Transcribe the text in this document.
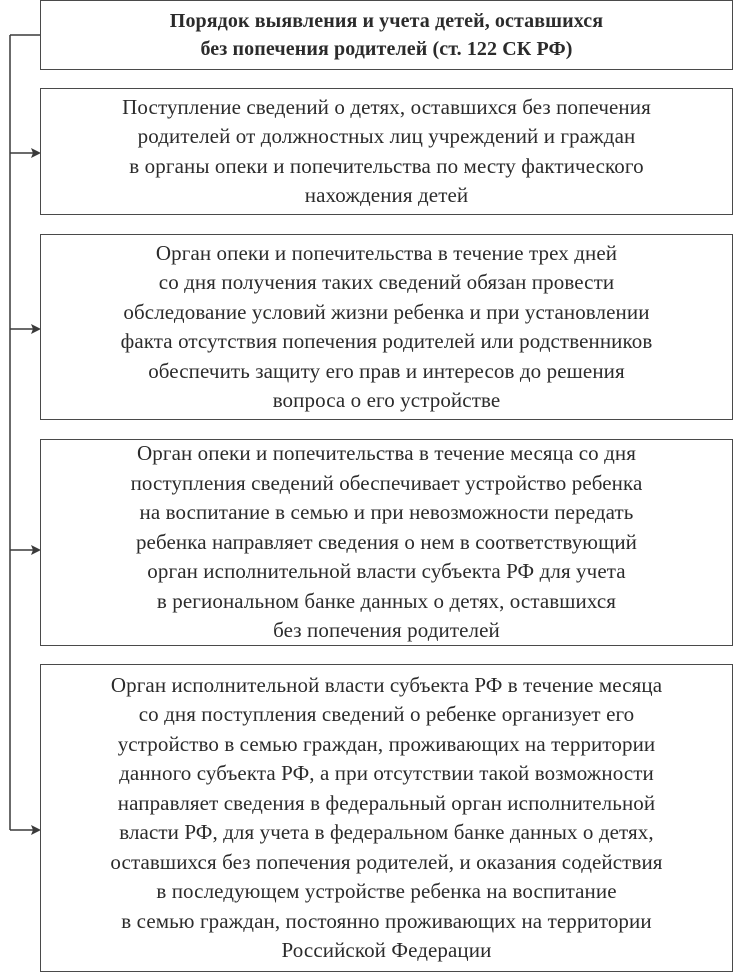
Порядок выявления и учета детей, оставшихся
без попечения родителей (ст. 122 СК РФ)
Поступление сведений о детях, оставшихся без попечения
родителей от должностных лиц учреждений и граждан
в органы опеки и попечительства по месту фактического
нахождения детей
Орган опеки и попечительства в течение трех дней
со дня получения таких сведений обязан провести
обследование условий жизни ребенка и при установлении
факта отсутствия попечения родителей или родственников
обеспечить защиту его прав и интересов до решения
вопроса о его устройстве
Орган опеки и попечительства в течение месяца со дня
поступления сведений обеспечивает устройство ребенка
на воспитание в семью и при невозможности передать
ребенка направляет сведения о нем в соответствующий
орган исполнительной власти субъекта РФ для учета
в региональном банке данных о детях, оставшихся
без попечения родителей
Орган исполнительной власти субъекта РФ в течение месяца
со дня поступления сведений о ребенке организует его
устройство в семью граждан, проживающих на территории
данного субъекта РФ, а при отсутствии такой возможности
направляет сведения в федеральный орган исполнительной
власти РФ, для учета в федеральном банке данных о детях,
оставшихся без попечения родителей, и оказания содействия
в последующем устройстве ребенка на воспитание
в семью граждан, постоянно проживающих на территории
Российской Федерации
